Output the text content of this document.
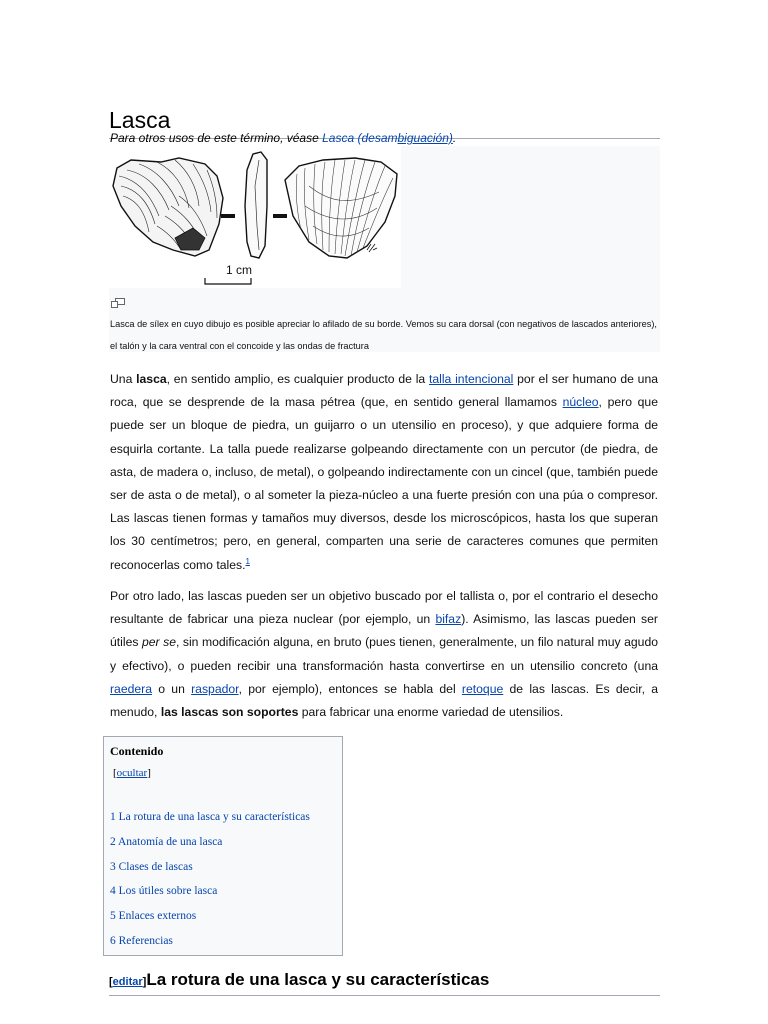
Lasca
Para otros usos de este término, véase Lasca (desambiguación).
1 cm
Lasca de sílex en cuyo dibujo es posible apreciar lo afilado de su borde. Vemos su cara dorsal (con negativos de lascados anteriores), el talón y la cara ventral con el concoide y las ondas de fractura

Una lasca, en sentido amplio, es cualquier producto de la talla intencional por el ser humano de una roca, que se desprende de la masa pétrea (que, en sentido general llamamos núcleo, pero que puede ser un bloque de piedra, un guijarro o un utensilio en proceso), y que adquiere forma de esquirla cortante. La talla puede realizarse golpeando directamente con un percutor (de piedra, de asta, de madera o, incluso, de metal), o golpeando indirectamente con un cincel (que, también puede ser de asta o de metal), o al someter la pieza-núcleo a una fuerte presión con una púa o compresor. Las lascas tienen formas y tamaños muy diversos, desde los microscópicos, hasta los que superan los 30 centímetros; pero, en general, comparten una serie de caracteres comunes que permiten reconocerlas como tales.$^1$

Por otro lado, las lascas pueden ser un objetivo buscado por el tallista o, por el contrario el desecho resultante de fabricar una pieza nuclear (por ejemplo, un bifaz). Asimismo, las lascas pueden ser útiles per se, sin modificación alguna, en bruto (pues tienen, generalmente, un filo natural muy agudo y efectivo), o pueden recibir una transformación hasta convertirse en un utensilio concreto (una raedera o un raspador, por ejemplo), entonces se habla del retoque de las lascas. Es decir, a menudo, las lascas son soportes para fabricar una enorme variedad de utensilios.

Contenido
[ocultar]
1 La rotura de una lasca y su características
2 Anatomía de una lasca
3 Clases de lascas
4 Los útiles sobre lasca
5 Enlaces externos
6 Referencias
[editar]La rotura de una lasca y su características
